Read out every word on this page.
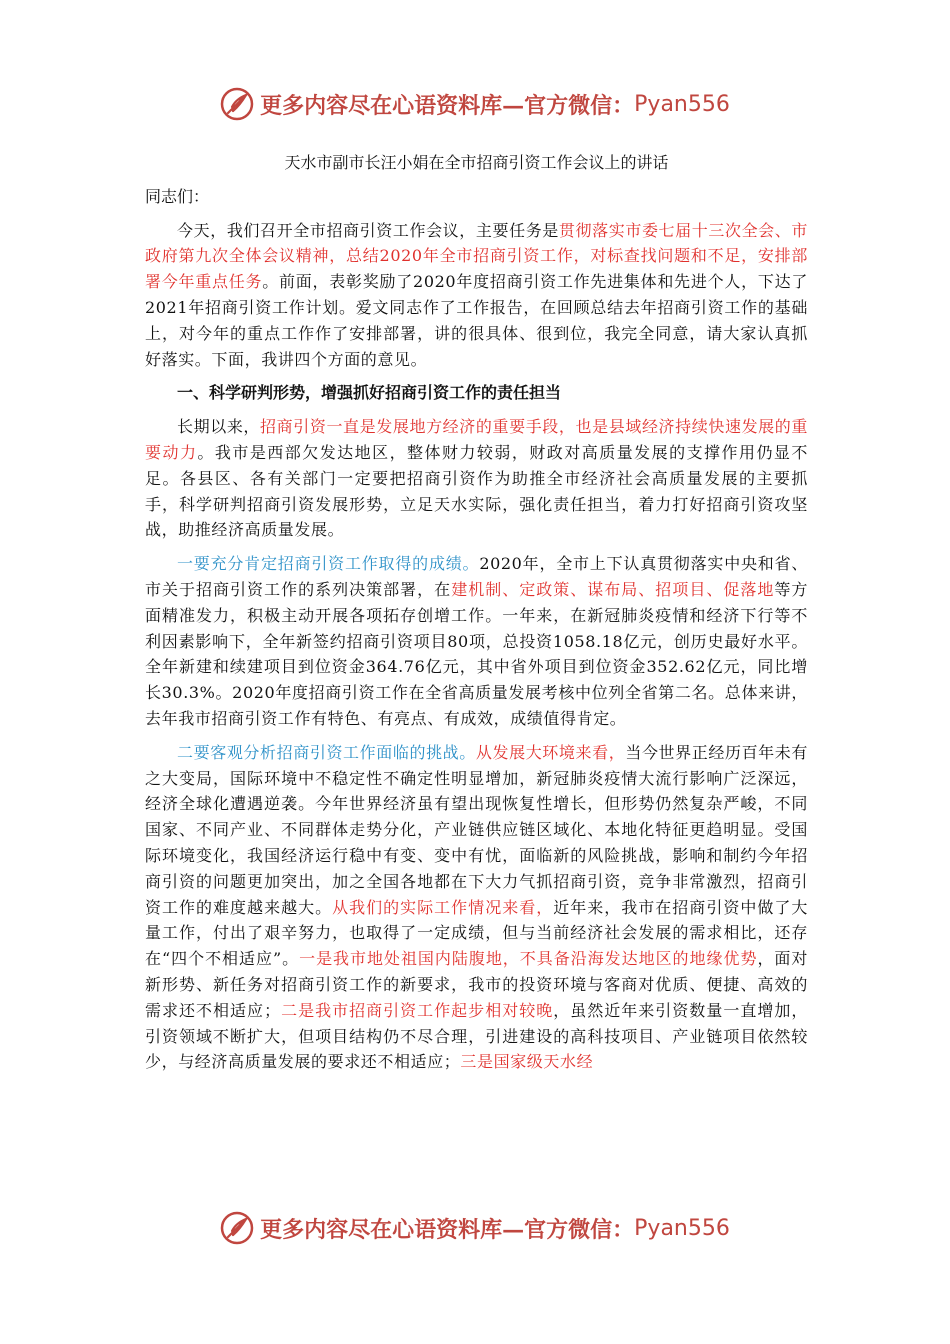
更多内容尽在心语资料库 —官方微信： Pyan556
天水市副市长汪小娟在全市招商引资工作会议上的讲话
同志们：

今天，我们召开全市招商引资工作会议，主要任务是贯彻落实市委七届十三次全会、市政府第九次全体会议精神，总结2020年全市招商引资工作，对标查找问题和不足，安排部署今年重点任务。前面，表彰奖励了2020年度招商引资工作先进集体和先进个人，下达了2021年招商引资工作计划。爱文同志作了工作报告，在回顾总结去年招商引资工作的基础上，对今年的重点工作作了安排部署，讲的很具体、很到位，我完全同意，请大家认真抓好落实。下面，我讲四个方面的意见。

一、科学研判形势，增强抓好招商引资工作的责任担当

长期以来，招商引资一直是发展地方经济的重要手段，也是县域经济持续快速发展的重要动力。我市是西部欠发达地区，整体财力较弱，财政对高质量发展的支撑作用仍显不足。各县区、各有关部门一定要把招商引资作为助推全市经济社会高质量发展的主要抓手，科学研判招商引资发展形势，立足天水实际，强化责任担当，着力打好招商引资攻坚战，助推经济高质量发展。

一要充分肯定招商引资工作取得的成绩。2020年，全市上下认真贯彻落实中央和省、市关于招商引资工作的系列决策部署，在建机制、定政策、谋布局、招项目、促落地等方面精准发力，积极主动开展各项拓存创增工作。一年来，在新冠肺炎疫情和经济下行等不利因素影响下，全年新签约招商引资项目80项，总投资1058.18亿元，创历史最好水平。全年新建和续建项目到位资金364.76亿元，其中省外项目到位资金352.62亿元，同比增长30.3%。2020年度招商引资工作在全省高质量发展考核中位列全省第二名。总体来讲，去年我市招商引资工作有特色、有亮点、有成效，成绩值得肯定。

二要客观分析招商引资工作面临的挑战。从发展大环境来看，当今世界正经历百年未有之大变局，国际环境中不稳定性不确定性明显增加，新冠肺炎疫情大流行影响广泛深远，经济全球化遭遇逆袭。今年世界经济虽有望出现恢复性增长，但形势仍然复杂严峻，不同国家、不同产业、不同群体走势分化，产业链供应链区域化、本地化特征更趋明显。受国际环境变化，我国经济运行稳中有变、变中有忧，面临新的风险挑战，影响和制约今年招商引资的问题更加突出，加之全国各地都在下大力气抓招商引资，竞争非常激烈，招商引资工作的难度越来越大。从我们的实际工作情况来看，近年来，我市在招商引资中做了大量工作，付出了艰辛努力，也取得了一定成绩，但与当前经济社会发展的需求相比，还存在“四个不相适应”。一是我市地处祖国内陆腹地，不具备沿海发达地区的地缘优势，面对新形势、新任务对招商引资工作的新要求，我市的投资环境与客商对优质、便捷、高效的需求还不相适应；二是我市招商引资工作起步相对较晚，虽然近年来引资数量一直增加，引资领域不断扩大，但项目结构仍不尽合理，引进建设的高科技项目、产业链项目依然较少，与经济高质量发展的要求还不相适应；三是国家级天水经

更多内容尽在心语资料库 —官方微信： Pyan556
